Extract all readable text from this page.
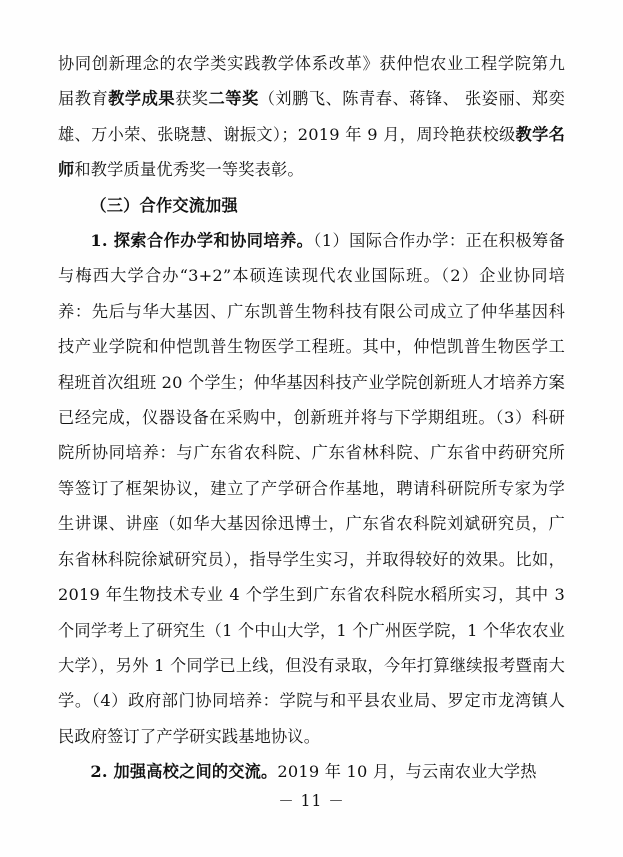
协同创新理念的农学类实践教学体系改革》获仲恺农业工程学院第九届教育教学成果获奖二等奖（刘鹏飞、陈青春、蒋锋、 张姿丽、郑奕雄、万小荣、张晓慧、谢振文）；2019 年 9 月，周玲艳获校级教学名师和教学质量优秀奖一等奖表彰。

（三）合作交流加强

1. 探索合作办学和协同培养。（1）国际合作办学：正在积极筹备与梅西大学合办“3+2”本硕连读现代农业国际班。（2）企业协同培养：先后与华大基因、广东凯普生物科技有限公司成立了仲华基因科技产业学院和仲恺凯普生物医学工程班。其中，仲恺凯普生物医学工程班首次组班 20 个学生；仲华基因科技产业学院创新班人才培养方案已经完成，仪器设备在采购中，创新班并将与下学期组班。（3）科研院所协同培养：与广东省农科院、广东省林科院、广东省中药研究所等签订了框架协议，建立了产学研合作基地，聘请科研院所专家为学生讲课、讲座（如华大基因徐迅博士，广东省农科院刘斌研究员，广东省林科院徐斌研究员），指导学生实习，并取得较好的效果。比如，2019 年生物技术专业 4 个学生到广东省农科院水稻所实习，其中 3 个同学考上了研究生（1 个中山大学，1 个广州医学院，1 个华农农业大学），另外 1 个同学已上线，但没有录取，今年打算继续报考暨南大学。（4）政府部门协同培养：学院与和平县农业局、罗定市龙湾镇人民政府签订了产学研实践基地协议。

2. 加强高校之间的交流。2019 年 10 月，与云南农业大学热

－ 11 －
